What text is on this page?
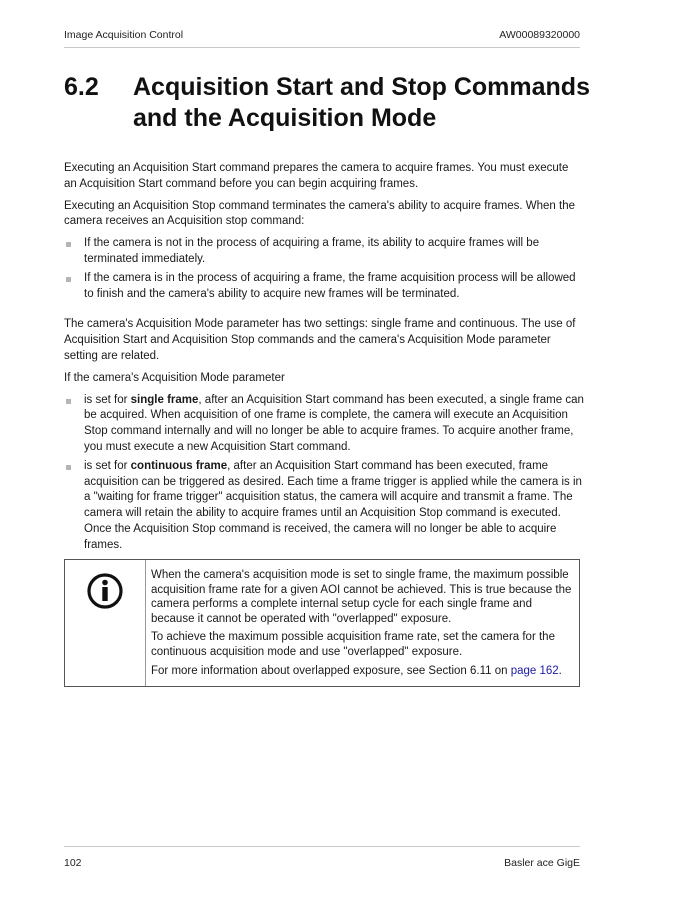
Image Acquisition Control	AW00089320000
6.2	Acquisition Start and Stop Commands and the Acquisition Mode

Executing an Acquisition Start command prepares the camera to acquire frames. You must execute an Acquisition Start command before you can begin acquiring frames.

Executing an Acquisition Stop command terminates the camera's ability to acquire frames. When the camera receives an Acquisition stop command:

If the camera is not in the process of acquiring a frame, its ability to acquire frames will be terminated immediately.
If the camera is in the process of acquiring a frame, the frame acquisition process will be allowed to finish and the camera's ability to acquire new frames will be terminated.

The camera's Acquisition Mode parameter has two settings: single frame and continuous. The use of Acquisition Start and Acquisition Stop commands and the camera's Acquisition Mode parameter setting are related.

If the camera's Acquisition Mode parameter

is set for single frame, after an Acquisition Start command has been executed, a single frame can be acquired. When acquisition of one frame is complete, the camera will execute an Acquisition Stop command internally and will no longer be able to acquire frames. To acquire another frame, you must execute a new Acquisition Start command.
is set for continuous frame, after an Acquisition Start command has been executed, frame acquisition can be triggered as desired. Each time a frame trigger is applied while the camera is in a "waiting for frame trigger" acquisition status, the camera will acquire and transmit a frame. The camera will retain the ability to acquire frames until an Acquisition Stop command is executed. Once the Acquisition Stop command is received, the camera will no longer be able to acquire frames.

When the camera's acquisition mode is set to single frame, the maximum possible acquisition frame rate for a given AOI cannot be achieved. This is true because the camera performs a complete internal setup cycle for each single frame and because it cannot be operated with "overlapped" exposure.

To achieve the maximum possible acquisition frame rate, set the camera for the continuous acquisition mode and use "overlapped" exposure.

For more information about overlapped exposure, see Section 6.11 on page 162.

102	Basler ace GigE
